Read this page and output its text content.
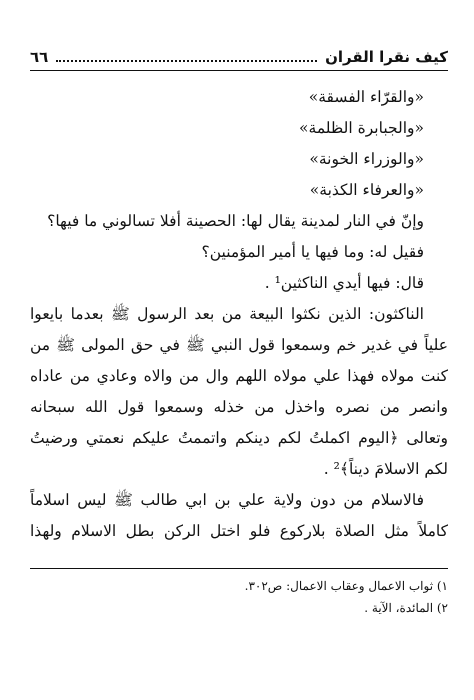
كيف نقرا القران
٦٦
«والقرّاء الفسقة»
«والجبابرة الظلمة»
«والوزراء الخونة»
«والعرفاء الكذبة»
وإنّ في النار لمدينة يقال لها: الحصينة أفلا تسالوني ما فيها؟
فقيل له: وما فيها يا أمير المؤمنين؟
قال: فيها أيدي الناكثين¹ .
الناكثون: الذين نكثوا البيعة من بعد الرسول ﷺ بعدما بايعوا
علياً في غدير خم وسمعوا قول النبي ﷺ في حق المولى ﷺ من
كنت مولاه فهذا علي مولاه اللهم وال من والاه وعادي من عاداه
وانصر من نصره واخذل من خذله وسمعوا قول الله سبحانه
وتعالى ﴿اليوم اكملتُ لكم دينكم واتممتُ عليكم نعمتي ورضيتُ
لكم الاسلامَ ديناً﴾² .
فالاسلام من دون ولاية علي بن ابي طالب ﷺ ليس اسلاماً
كاملاً مثل الصلاة بلاركوع فلو اختل الركن بطل الاسلام ولهذا
١) ثواب الاعمال وعقاب الاعمال: ص٣٠٢.
٢) المائدة، الآية .
